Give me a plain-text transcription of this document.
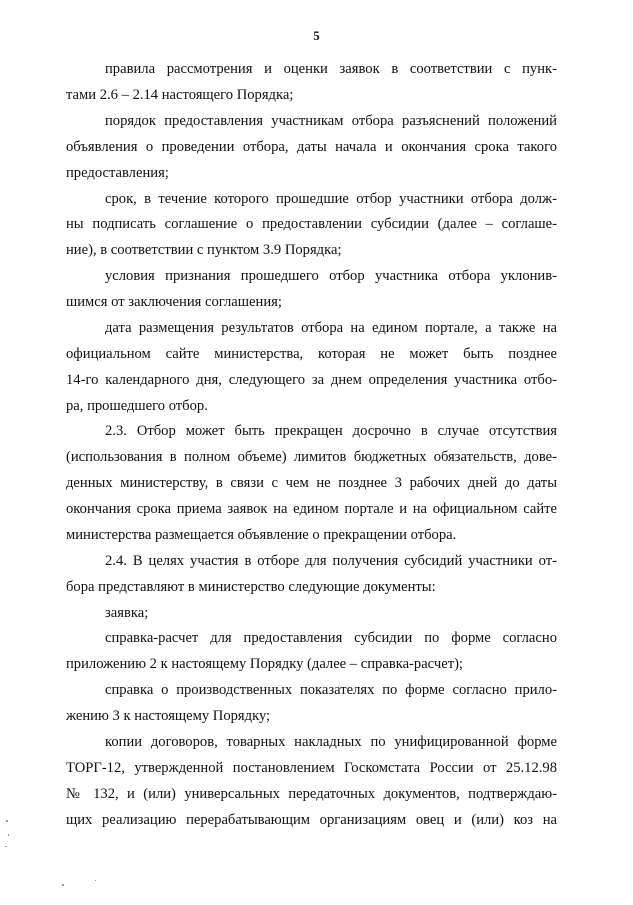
5
правила рассмотрения и оценки заявок в соответствии с пунк-
тами 2.6 – 2.14 настоящего Порядка;
порядок предоставления участникам отбора разъяснений положений
объявления о проведении отбора, даты начала и окончания срока такого
предоставления;
срок, в течение которого прошедшие отбор участники отбора долж-
ны подписать соглашение о предоставлении субсидии (далее – соглаше-
ние), в соответствии с пунктом 3.9 Порядка;
условия признания прошедшего отбор участника отбора уклонив-
шимся от заключения соглашения;
дата размещения результатов отбора на едином портале, а также на
официальном сайте министерства, которая не может быть позднее
14-го календарного дня, следующего за днем определения участника отбо-
ра, прошедшего отбор.
2.3. Отбор может быть прекращен досрочно в случае отсутствия
(использования в полном объеме) лимитов бюджетных обязательств, дове-
денных министерству, в связи с чем не позднее 3 рабочих дней до даты
окончания срока приема заявок на едином портале и на официальном сайте
министерства размещается объявление о прекращении отбора.
2.4. В целях участия в отборе для получения субсидий участники от-
бора представляют в министерство следующие документы:
заявка;
справка-расчет для предоставления субсидии по форме согласно
приложению 2 к настоящему Порядку (далее – справка-расчет);
справка о производственных показателях по форме согласно прило-
жению 3 к настоящему Порядку;
копии договоров, товарных накладных по унифицированной форме
ТОРГ-12, утвержденной постановлением Госкомстата России от 25.12.98
№ 132, и (или) универсальных передаточных документов, подтверждаю-
щих реализацию перерабатывающим организациям овец и (или) коз на
